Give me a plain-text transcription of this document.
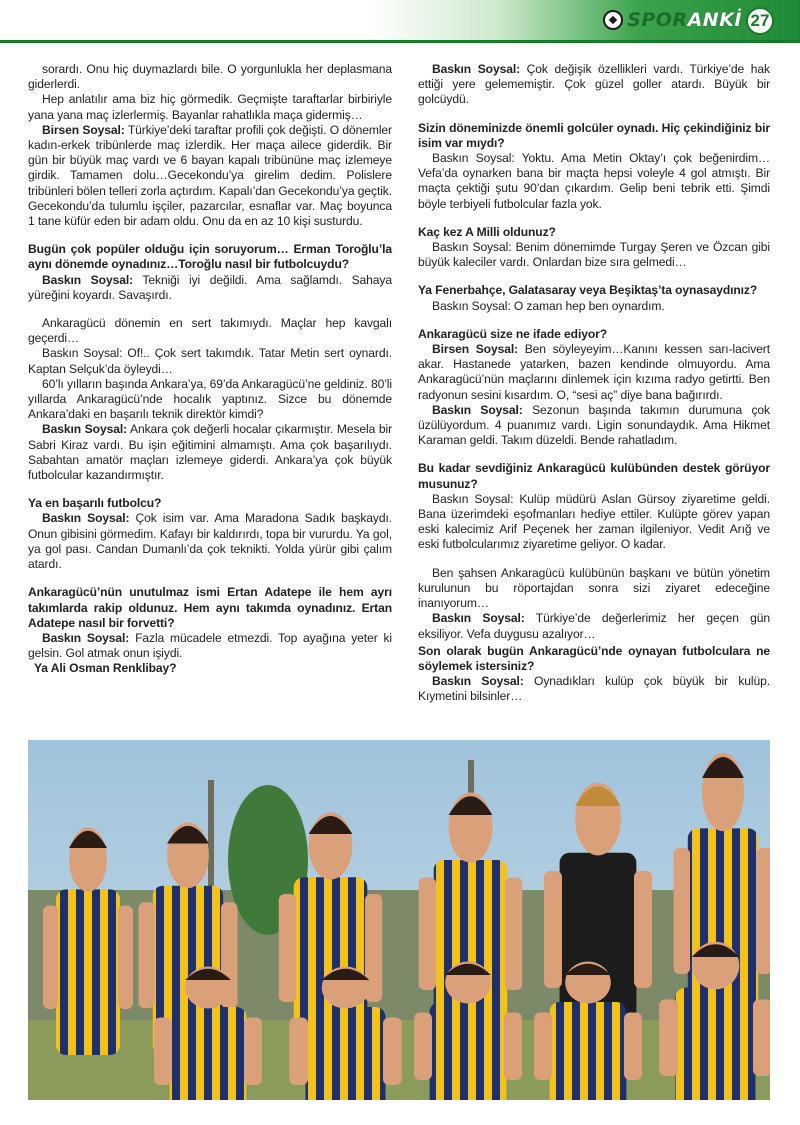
SPORANKİ 27

sorardı. Onu hiç duymazlardı bile. O yorgunlukla her deplasmana giderlerdi.

Hep anlatılır ama biz hiç görmedik. Geçmişte taraftarlar birbiriyle yana yana maç izlerlermiş. Bayanlar rahatlıkla maça gidermiş…

Birsen Soysal: Türkiye’deki taraftar profili çok değişti. O dönemler kadın-erkek tribünlerde maç izlerdik. Her maça ailece giderdik. Bir gün bir büyük maç vardı ve 6 bayan kapalı tribününe maç izlemeye girdik. Tamamen dolu…Gecekondu’ya girelim dedim. Polislere tribünleri bölen telleri zorla açtırdım. Kapalı’dan Gecekondu’ya geçtik. Gecekondu’da tulumlu işçiler, pazarcılar, esnaflar var. Maç boyunca 1 tane küfür eden bir adam oldu. Onu da en az 10 kişi susturdu.

Bugün çok popüler olduğu için soruyorum… Erman Toroğlu’la aynı dönemde oynadınız…Toroğlu nasıl bir futbolcuydu?

Baskın Soysal: Tekniği iyi değildi. Ama sağlamdı. Sahaya yüreğini koyardı. Savaşırdı.

Ankaragücü dönemin en sert takımıydı. Maçlar hep kavgalı geçerdi…

Baskın Soysal: Of!.. Çok sert takımdık. Tatar Metin sert oynardı. Kaptan Selçuk’da öyleydi…

60’lı yılların başında Ankara’ya, 69’da Ankaragücü’ne geldiniz. 80’li yıllarda Ankaragücü’nde hocalık yaptınız. Sizce bu dönemde Ankara’daki en başarılı teknik direktör kimdi?

Baskın Soysal: Ankara çok değerli hocalar çıkarmıştır. Mesela bir Sabri Kiraz vardı. Bu işin eğitimini almamıştı. Ama çok başarılıydı. Sabahtan amatör maçları izlemeye giderdi. Ankara’ya çok büyük futbolcular kazandırmıştır.

Ya en başarılı futbolcu?

Baskın Soysal: Çok isim var. Ama Maradona Sadık başkaydı. Onun gibisini görmedim. Kafayı bir kaldırırdı, topa bir vururdu. Ya gol, ya gol pası. Candan Dumanlı’da çok teknikti. Yolda yürür gibi çalım atardı.

Ankaragücü’nün unutulmaz ismi Ertan Adatepe ile hem ayrı takımlarda rakip oldunuz. Hem aynı takımda oynadınız. Ertan Adatepe nasıl bir forvetti?

Baskın Soysal: Fazla mücadele etmezdi. Top ayağına yeter ki gelsin. Gol atmak onun işiydi.

Ya Ali Osman Renklibay?

Baskın Soysal: Çok değişik özellikleri vardı. Türkiye’de hak ettiği yere gelememiştir. Çok güzel goller atardı. Büyük bir golcüydü.

Sizin döneminizde önemli golcüler oynadı. Hiç çekindiğiniz bir isim var mıydı?

Baskın Soysal: Yoktu. Ama Metin Oktay’ı çok beğenirdim… Vefa’da oynarken bana bir maçta hepsi voleyle 4 gol atmıştı. Bir maçta çektiği şutu 90’dan çıkardım. Gelip beni tebrik etti. Şimdi böyle terbiyeli futbolcular fazla yok.

Kaç kez A Milli oldunuz?

Baskın Soysal: Benim dönemimde Turgay Şeren ve Özcan gibi büyük kaleciler vardı. Onlardan bize sıra gelmedi…

Ya Fenerbahçe, Galatasaray veya Beşiktaş’ta oynasaydınız?

Baskın Soysal: O zaman hep ben oynardım.

Ankaragücü size ne ifade ediyor?

Birsen Soysal: Ben söyleyeyim…Kanını kessen sarı-lacivert akar. Hastanede yatarken, bazen kendinde olmuyordu. Ama Ankaragücü’nün maçlarını dinlemek için kızıma radyo getirtti. Ben radyonun sesini kısardım. O, “sesi aç” diye bana bağırırdı.

Baskın Soysal: Sezonun başında takımın durumuna çok üzülüyordum. 4 puanımız vardı. Ligin sonundaydık. Ama Hikmet Karaman geldi. Takım düzeldi. Bende rahatladım.

Bu kadar sevdiğiniz Ankaragücü kulübünden destek görüyor musunuz?

Baskın Soysal: Kulüp müdürü Aslan Gürsoy ziyaretime geldi. Bana üzerimdeki eşofmanları hediye ettiler. Kulüpte görev yapan eski kalecimiz Arif Peçenek her zaman ilgileniyor. Vedit Arığ ve eski futbolcularımız ziyaretime geliyor. O kadar.

Ben şahsen Ankaragücü kulübünün başkanı ve bütün yönetim kurulunun bu röportajdan sonra sizi ziyaret edeceğine inanıyorum…

Baskın Soysal: Türkiye’de değerlerimiz her geçen gün eksiliyor. Vefa duygusu azalıyor…

Son olarak bugün Ankaragücü’nde oynayan futbolculara ne söylemek istersiniz?

Baskın Soysal: Oynadıkları kulüp çok büyük bir kulüp. Kıymetini bilsinler…
